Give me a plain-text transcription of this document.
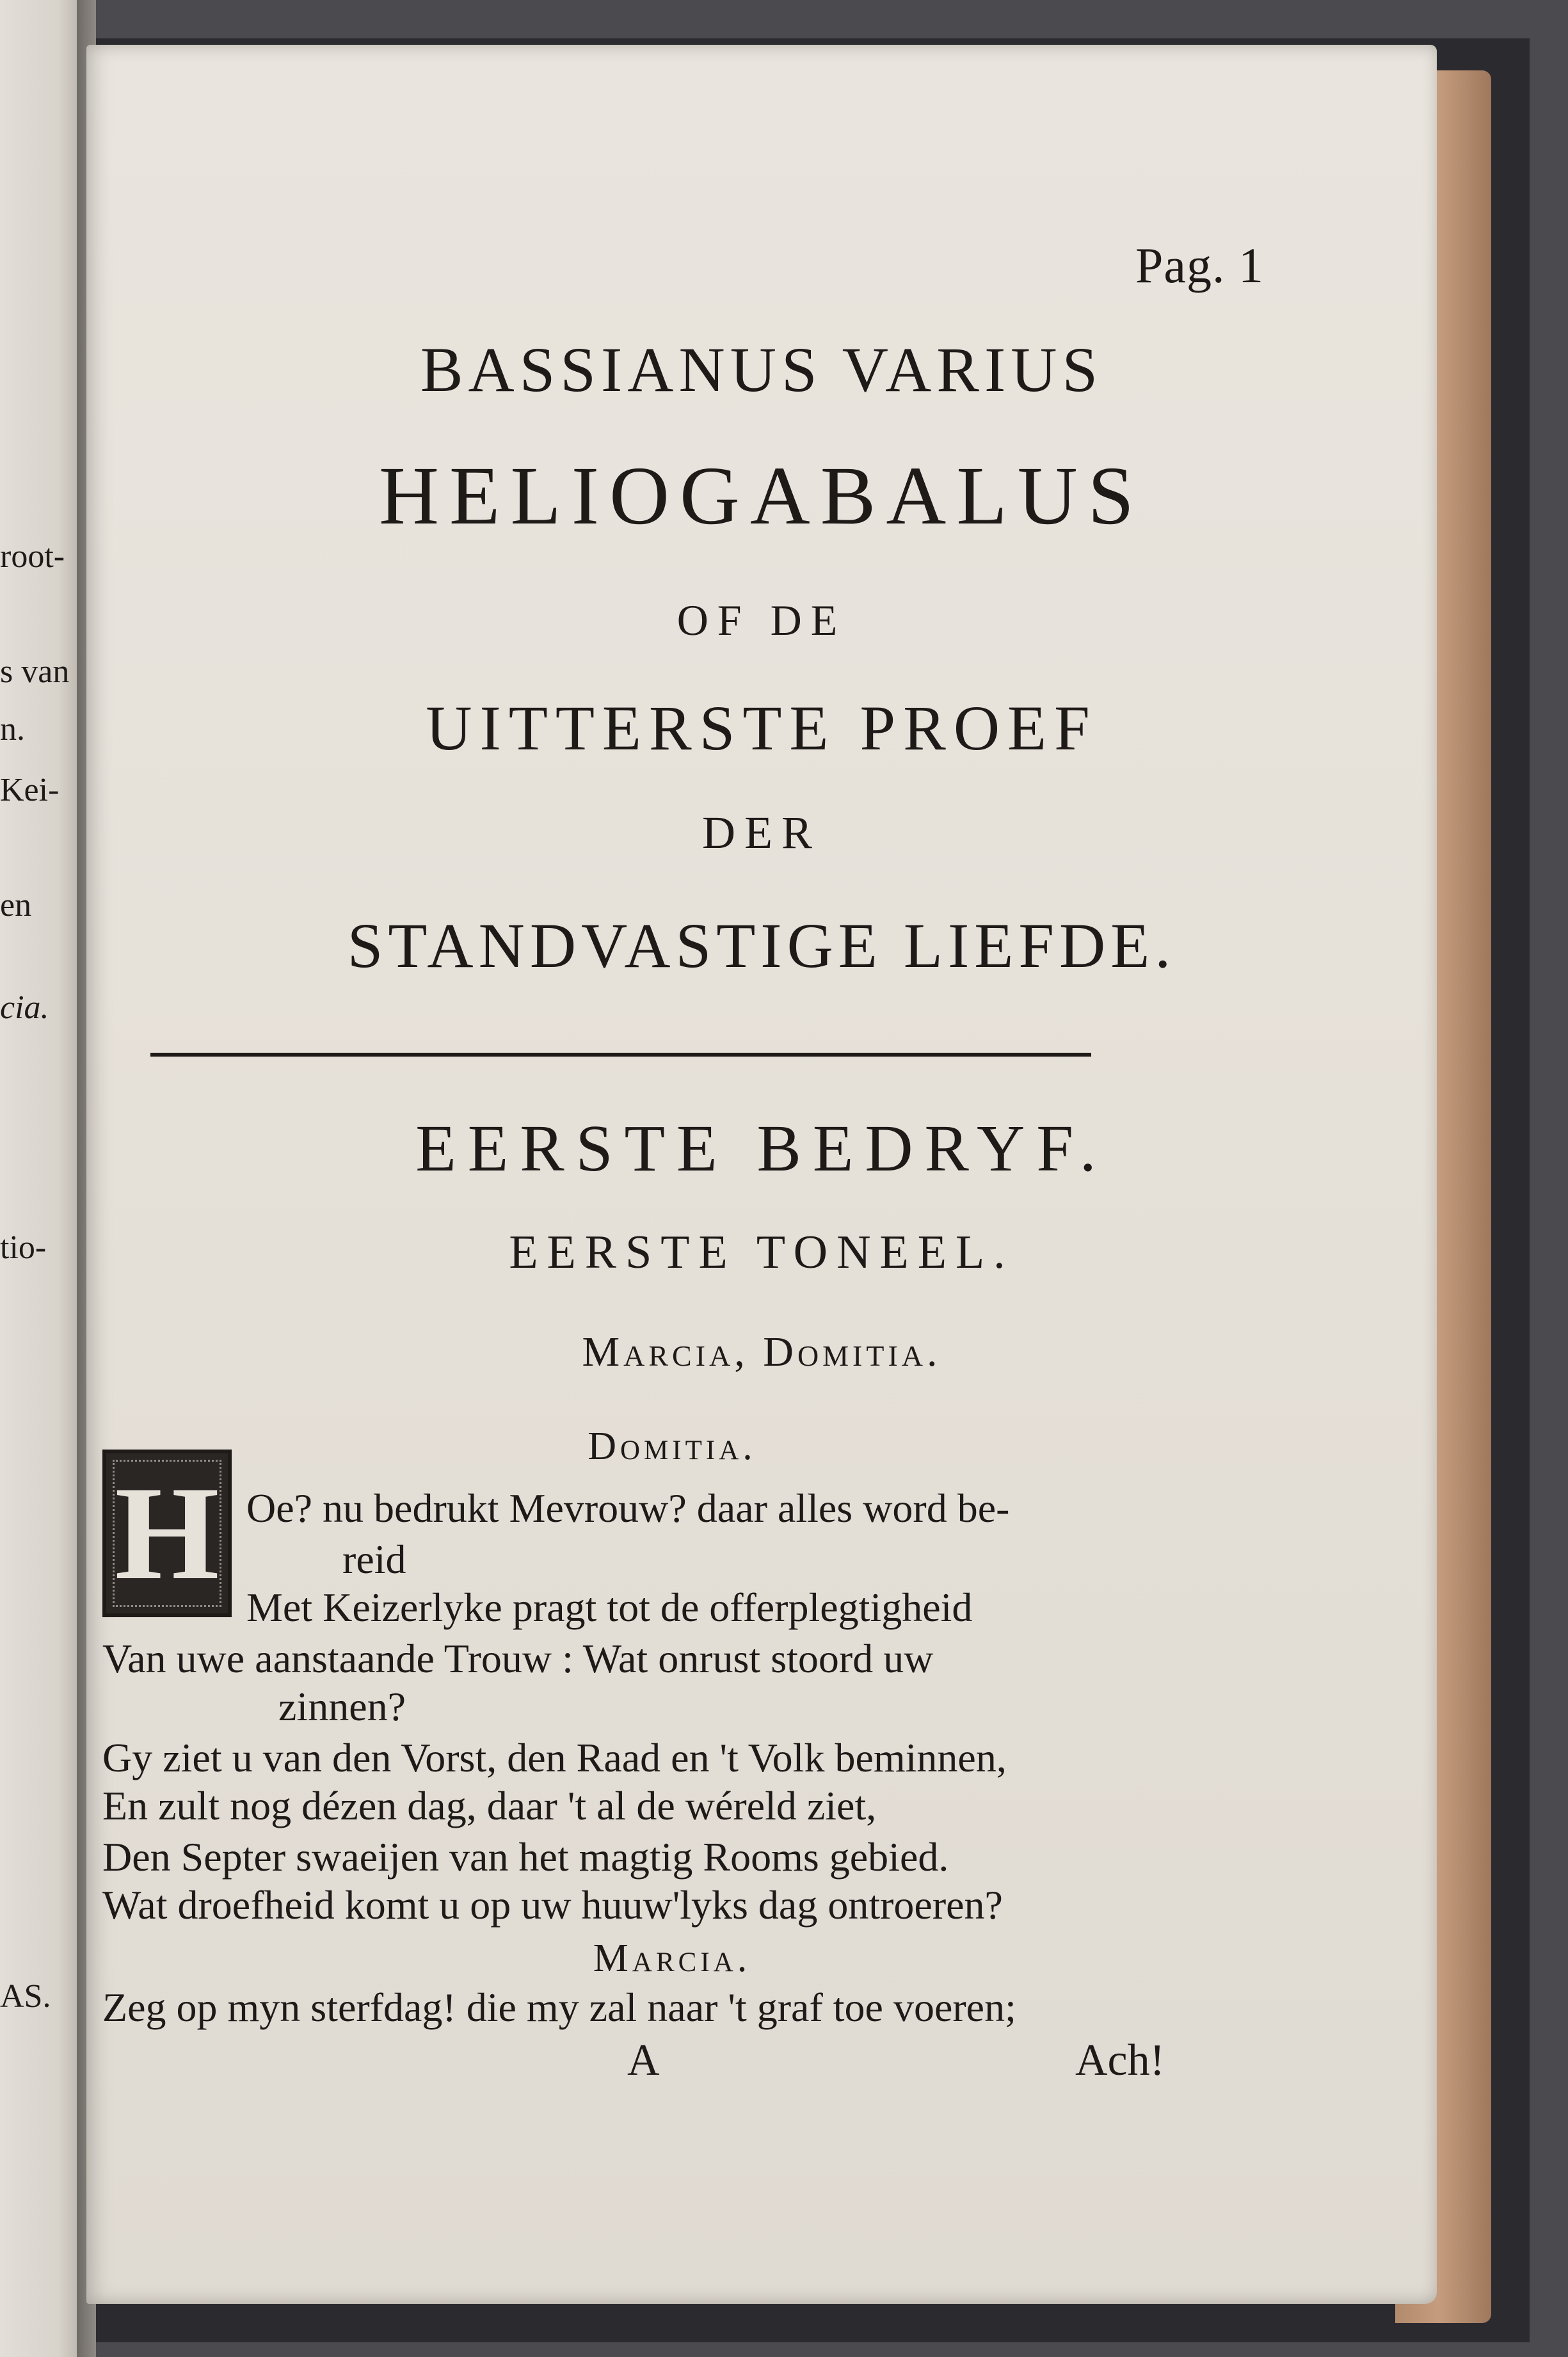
root-
s van
n.
Kei-
en
cia.
tio-
AS.
Pag. 1
BASSIANUS VARIUS
HELIOGABALUS
OF DE
UITTERSTE PROEF
DER
STANDVASTIGE LIEFDE.
EERSTE BEDRYF.
EERSTE TONEEL.
Marcia, Domitia.
Domitia.
H Oe? nu bedrukt Mevrouw? daar alles word be-
reid
Met Keizerlyke pragt tot de offerplegtigheid
Van uwe aanstaande Trouw : Wat onrust stoord uw
zinnen?
Gy ziet u van den Vorst, den Raad en 't Volk beminnen,
En zult nog dézen dag, daar 't al de wéreld ziet,
Den Septer swaeijen van het magtig Rooms gebied.
Wat droefheid komt u op uw huuw'lyks dag ontroeren?
Marcia.
Zeg op myn sterfdag! die my zal naar 't graf toe voeren;
A	Ach!
